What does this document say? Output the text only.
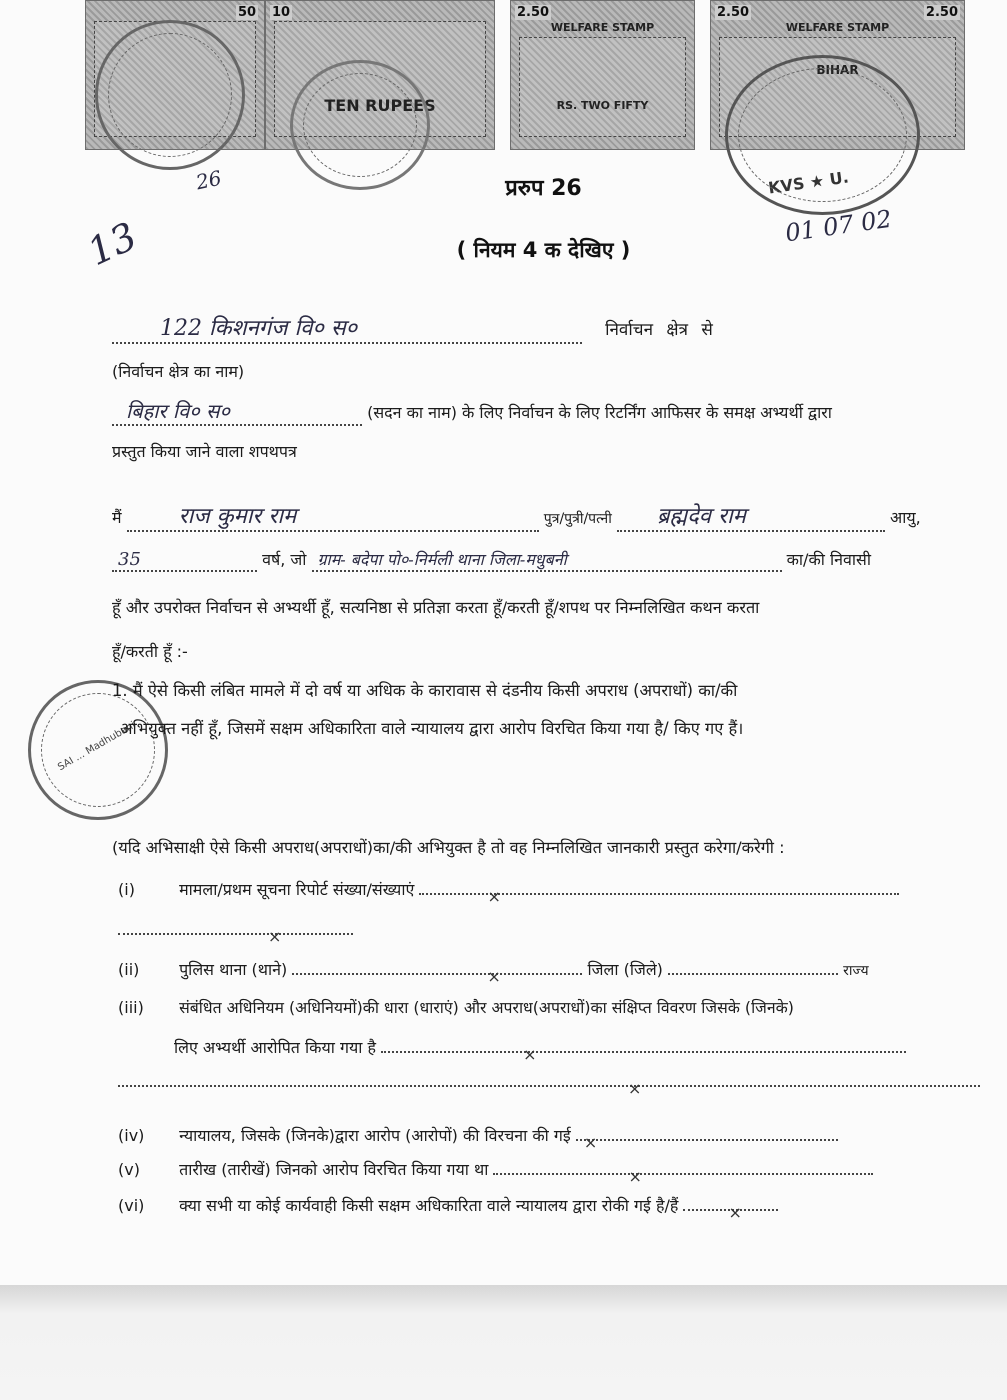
50 10
TEN RUPEES
2.50
WELFARE STAMP
RS. TWO FIFTY
2.50	2.50
WELFARE STAMP
BIHAR
KVS ★ U.
SAI ... Madhubani
13
26
01 07 02
प्ररुप 26
( नियम 4 क देखिए )
122 किशनगंज वि० स०	निर्वाचन क्षेत्र से
(निर्वाचन क्षेत्र का नाम)
बिहार वि० स०	(सदन का नाम) के लिए निर्वाचन के लिए रिटर्निंग आफिसर के समक्ष अभ्यर्थी द्वारा
प्रस्तुत किया जाने वाला शपथपत्र
मैं	राज कुमार राम	पुत्र/पुत्री/पत्नी ब्रह्मदेव राम	आयु,
35	वर्ष, जो ग्राम- बदेपा पो०-निर्मली थाना जिला-मधुबनी	का/की निवासी
हूँ और उपरोक्त निर्वाचन से अभ्यर्थी हूँ, सत्यनिष्ठा से प्रतिज्ञा करता हूँ/करती हूँ/शपथ पर निम्नलिखित कथन करता
हूँ/करती हूँ :-
1. मैं ऐसे किसी लंबित मामले में दो वर्ष या अधिक के कारावास से दंडनीय किसी अपराध (अपराधों) का/की
अभियुक्त नहीं हूँ, जिसमें सक्षम अधिकारिता वाले न्यायालय द्वारा आरोप विरचित किया गया है/ किए गए हैं।
(यदि अभिसाक्षी ऐसे किसी अपराध(अपराधों)का/की अभियुक्त है तो वह निम्नलिखित जानकारी प्रस्तुत करेगा/करेगी :
(i)	मामला/प्रथम सूचना रिपोर्ट संख्या/संख्याएं	×
×
(ii) पुलिस थाना (थाने)	×	जिला (जिले)	राज्य
(iii) संबंधित अधिनियम (अधिनियमों)की धारा (धाराएं) और अपराध(अपराधों)का संक्षिप्त विवरण जिसके (जिनके)
लिए अभ्यर्थी आरोपित किया गया है	×
×
(iv) न्यायालय, जिसके (जिनके)द्वारा आरोप (आरोपों) की विरचना की गई ×
(v) तारीख (तारीखें) जिनको आरोप विरचित किया गया था	×
(vi) क्या सभी या कोई कार्यवाही किसी सक्षम अधिकारिता वाले न्यायालय द्वारा रोकी गई है/हैं	×
